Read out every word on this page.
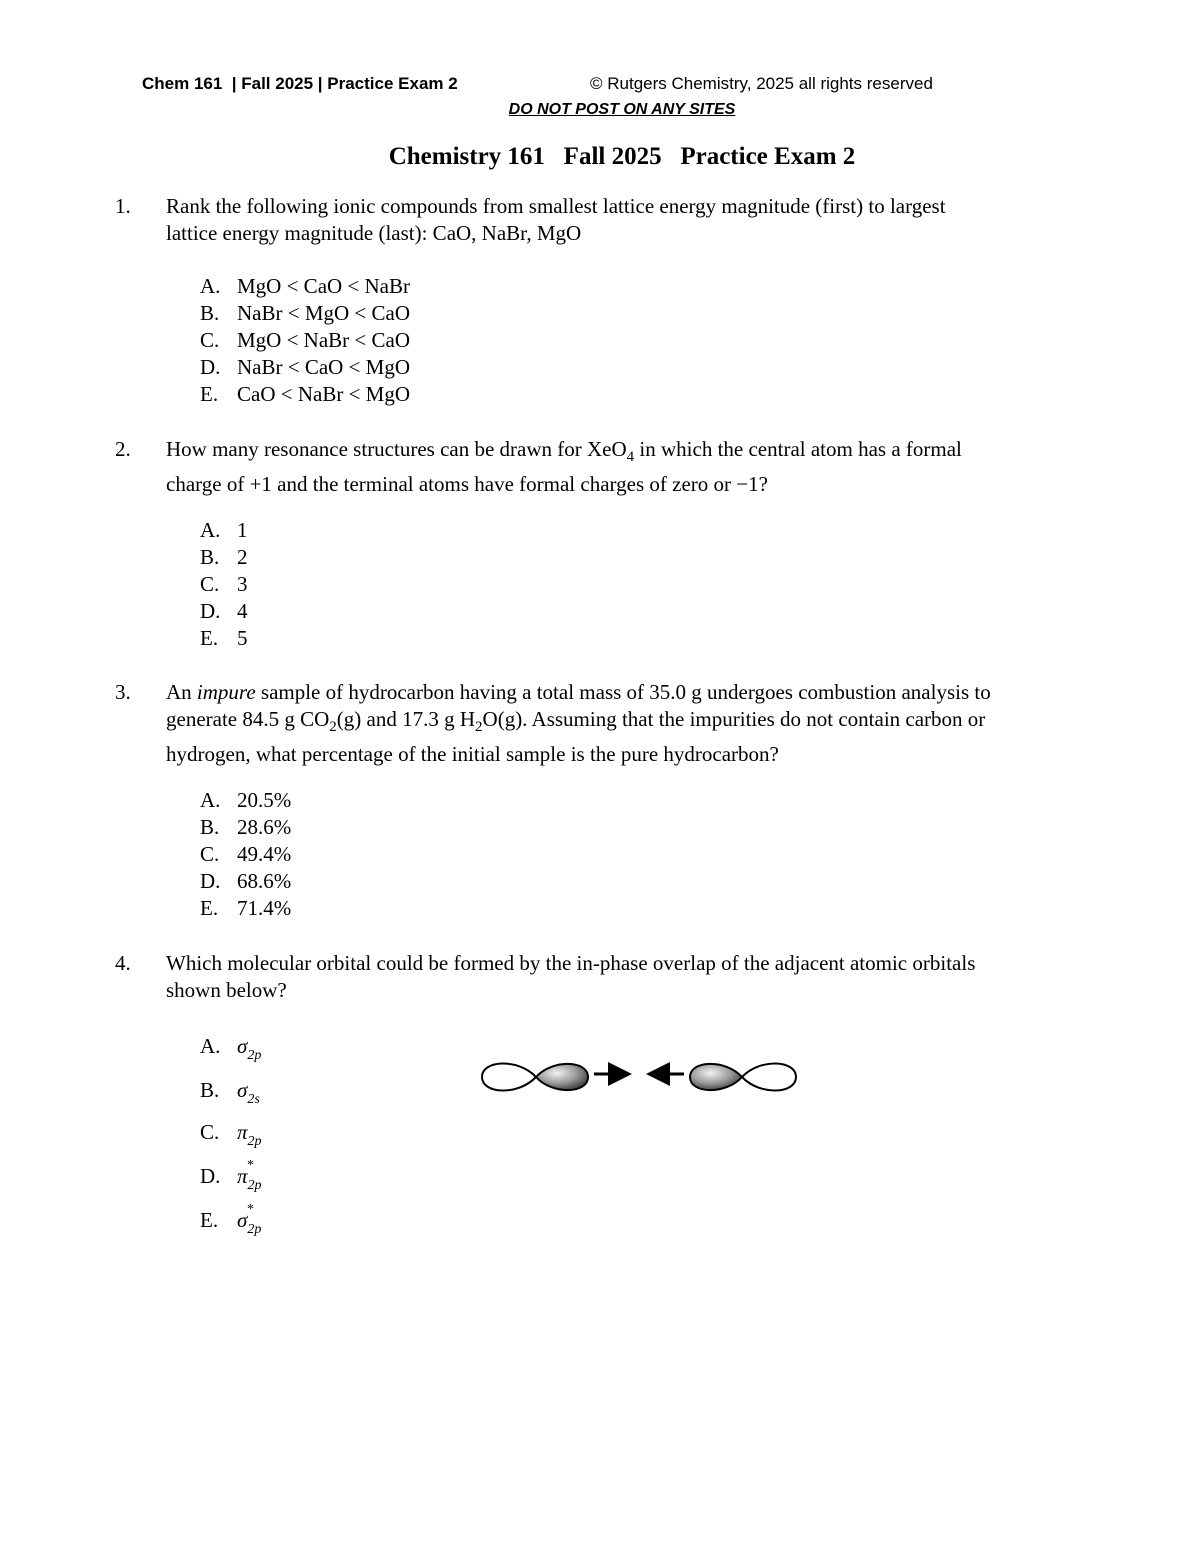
Chem 161  | Fall 2025 | Practice Exam 2	© Rutgers Chemistry, 2025 all rights reserved
DO NOT POST ON ANY SITES
Chemistry 161   Fall 2025   Practice Exam 2
1. Rank the following ionic compounds from smallest lattice energy magnitude (first) to largest
lattice energy magnitude (last): CaO, NaBr, MgO
A. MgO < CaO < NaBr
B. NaBr < MgO < CaO
C. MgO < NaBr < CaO
D. NaBr < CaO < MgO
E. CaO < NaBr < MgO
2. How many resonance structures can be drawn for XeO$_4$ in which the central atom has a formal
charge of +1 and the terminal atoms have formal charges of zero or −1?
A. 1
B. 2
C. 3
D. 4
E. 5
3. An impure sample of hydrocarbon having a total mass of 35.0 g undergoes combustion analysis to
generate 84.5 g $CO_2(g)$ and 17.3 g $H_2O(g)$. Assuming that the impurities do not contain carbon or
hydrogen, what percentage of the initial sample is the pure hydrocarbon?
A. 20.5%
B. 28.6%
C. 49.4%
D. 68.6%
E. 71.4%
4. Which molecular orbital could be formed by the in-phase overlap of the adjacent atomic orbitals
shown below?
A. σ
$_{2p}$
B. σ
$_{2s}$
C. π
$_{2p}$
D. π *
$_{2p}$
E. σ *
$_{2p}$
